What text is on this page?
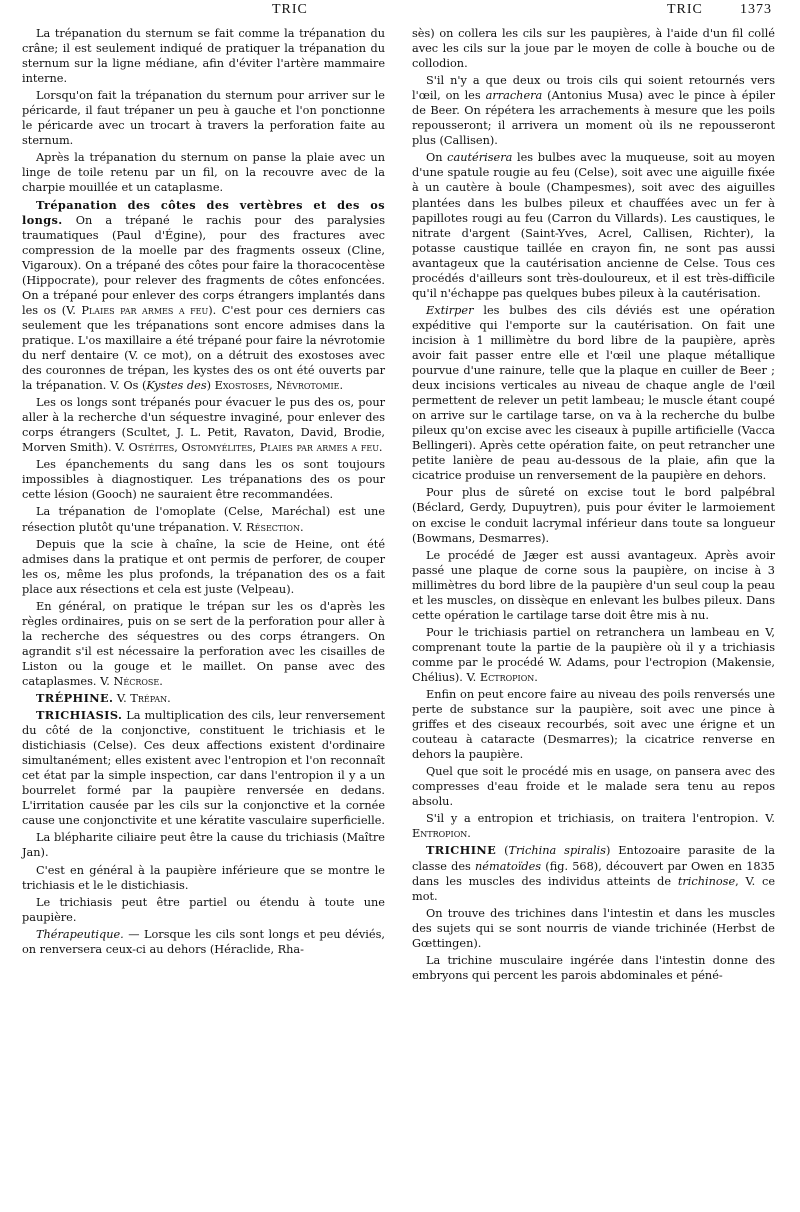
TRIC	TRIC	1373

La trépanation du sternum se fait comme la trépanation du crâne; il est seulement indiqué de pratiquer la trépanation du sternum sur la ligne médiane, afin d'éviter l'artère mammaire interne.

Lorsqu'on fait la trépanation du sternum pour arriver sur le péricarde, il faut trépaner un peu à gauche et l'on ponctionne le péricarde avec un trocart à travers la perforation faite au sternum.

Après la trépanation du sternum on panse la plaie avec un linge de toile retenu par un fil, on la recouvre avec de la charpie mouillée et un cataplasme.

Trépanation des côtes des vertèbres et des os longs. On a trépané le rachis pour des paralysies traumatiques (Paul d'Égine), pour des fractures avec compression de la moelle par des fragments osseux (Cline, Vigaroux). On a trépané des côtes pour faire la thoracocentèse (Hippocrate), pour relever des fragments de côtes enfoncées. On a trépané pour enlever des corps étrangers implantés dans les os (V. Plaies par armes a feu). C'est pour ces derniers cas seulement que les trépanations sont encore admises dans la pratique. L'os maxillaire a été trépané pour faire la névrotomie du nerf dentaire (V. ce mot), on a détruit des exostoses avec des couronnes de trépan, les kystes des os ont été ouverts par la trépanation. V. Os (Kystes des) Exostoses, Névrotomie.

Les os longs sont trépanés pour évacuer le pus des os, pour aller à la recherche d'un séquestre invaginé, pour enlever des corps étrangers (Scultet, J. L. Petit, Ravaton, David, Brodie, Morven Smith). V. Ostéites, Ostomyélites, Plaies par armes a feu.

Les épanchements du sang dans les os sont toujours impossibles à diagnostiquer. Les trépanations des os pour cette lésion (Gooch) ne sauraient être recommandées.

La trépanation de l'omoplate (Celse, Maréchal) est une résection plutôt qu'une trépanation. V. Résection.

Depuis que la scie à chaîne, la scie de Heine, ont été admises dans la pratique et ont permis de perforer, de couper les os, même les plus profonds, la trépanation des os a fait place aux résections et cela est juste (Velpeau).

En général, on pratique le trépan sur les os d'après les règles ordinaires, puis on se sert de la perforation pour aller à la recherche des séquestres ou des corps étrangers. On agrandit s'il est nécessaire la perforation avec les cisailles de Liston ou la gouge et le maillet. On panse avec des cataplasmes. V. Nécrose.

TRÉPHINE. V. Trépan.

TRICHIASIS. La multiplication des cils, leur renversement du côté de la conjonctive, constituent le trichiasis et le distichiasis (Celse). Ces deux affections existent d'ordinaire simultanément; elles existent avec l'entropion et l'on reconnaît cet état par la simple inspection, car dans l'entropion il y a un bourrelet formé par la paupière renversée en dedans. L'irritation causée par les cils sur la conjonctive et la cornée cause une conjonctivite et une kératite vasculaire superficielle.

La blépharite ciliaire peut être la cause du trichiasis (Maître Jan).

C'est en général à la paupière inférieure que se montre le trichiasis et le le distichiasis.

Le trichiasis peut être partiel ou étendu à toute une paupière.

Thérapeutique. — Lorsque les cils sont longs et peu déviés, on renversera ceux-ci au dehors (Héraclide, Rha-

sès) on collera les cils sur les paupières, à l'aide d'un fil collé avec les cils sur la joue par le moyen de colle à bouche ou de collodion.

S'il n'y a que deux ou trois cils qui soient retournés vers l'œil, on les arrachera (Antonius Musa) avec le pince à épiler de Beer. On répétera les arrachements à mesure que les poils repousseront; il arrivera un moment où ils ne repousseront plus (Callisen).

On cautérisera les bulbes avec la muqueuse, soit au moyen d'une spatule rougie au feu (Celse), soit avec une aiguille fixée à un cautère à boule (Champesmes), soit avec des aiguilles plantées dans les bulbes pileux et chauffées avec un fer à papillotes rougi au feu (Carron du Villards). Les caustiques, le nitrate d'argent (Saint-Yves, Acrel, Callisen, Richter), la potasse caustique taillée en crayon fin, ne sont pas aussi avantageux que la cautérisation ancienne de Celse. Tous ces procédés d'ailleurs sont très-douloureux, et il est très-difficile qu'il n'échappe pas quelques bubes pileux à la cautérisation.

Extirper les bulbes des cils déviés est une opération expéditive qui l'emporte sur la cautérisation. On fait une incision à 1 millimètre du bord libre de la paupière, après avoir fait passer entre elle et l'œil une plaque métallique pourvue d'une rainure, telle que la plaque en cuiller de Beer ; deux incisions verticales au niveau de chaque angle de l'œil permettent de relever un petit lambeau; le muscle étant coupé on arrive sur le cartilage tarse, on va à la recherche du bulbe pileux qu'on excise avec les ciseaux à pupille artificielle (Vacca Bellingeri). Après cette opération faite, on peut retrancher une petite lanière de peau au-dessous de la plaie, afin que la cicatrice produise un renversement de la paupière en dehors.

Pour plus de sûreté on excise tout le bord palpébral (Béclard, Gerdy, Dupuytren), puis pour éviter le larmoiement on excise le conduit lacrymal inférieur dans toute sa longueur (Bowmans, Desmarres).

Le procédé de Jæger est aussi avantageux. Après avoir passé une plaque de corne sous la paupière, on incise à 3 millimètres du bord libre de la paupière d'un seul coup la peau et les muscles, on dissèque en enlevant les bulbes pileux. Dans cette opération le cartilage tarse doit être mis à nu.

Pour le trichiasis partiel on retranchera un lambeau en V, comprenant toute la partie de la paupière où il y a trichiasis comme par le procédé W. Adams, pour l'ectropion (Makensie, Chélius). V. Ectropion.

Enfin on peut encore faire au niveau des poils renversés une perte de substance sur la paupière, soit avec une pince à griffes et des ciseaux recourbés, soit avec une érigne et un couteau à cataracte (Desmarres); la cicatrice renverse en dehors la paupière.

Quel que soit le procédé mis en usage, on pansera avec des compresses d'eau froide et le malade sera tenu au repos absolu.

S'il y a entropion et trichiasis, on traitera l'entropion. V. Entropion.

TRICHINE (Trichina spiralis) Entozoaire parasite de la classe des nématoïdes (fig. 568), découvert par Owen en 1835 dans les muscles des individus atteints de trichinose, V. ce mot.

On trouve des trichines dans l'intestin et dans les muscles des sujets qui se sont nourris de viande trichinée (Herbst de Gœttingen).

La trichine musculaire ingérée dans l'intestin donne des embryons qui percent les parois abdominales et péné-
